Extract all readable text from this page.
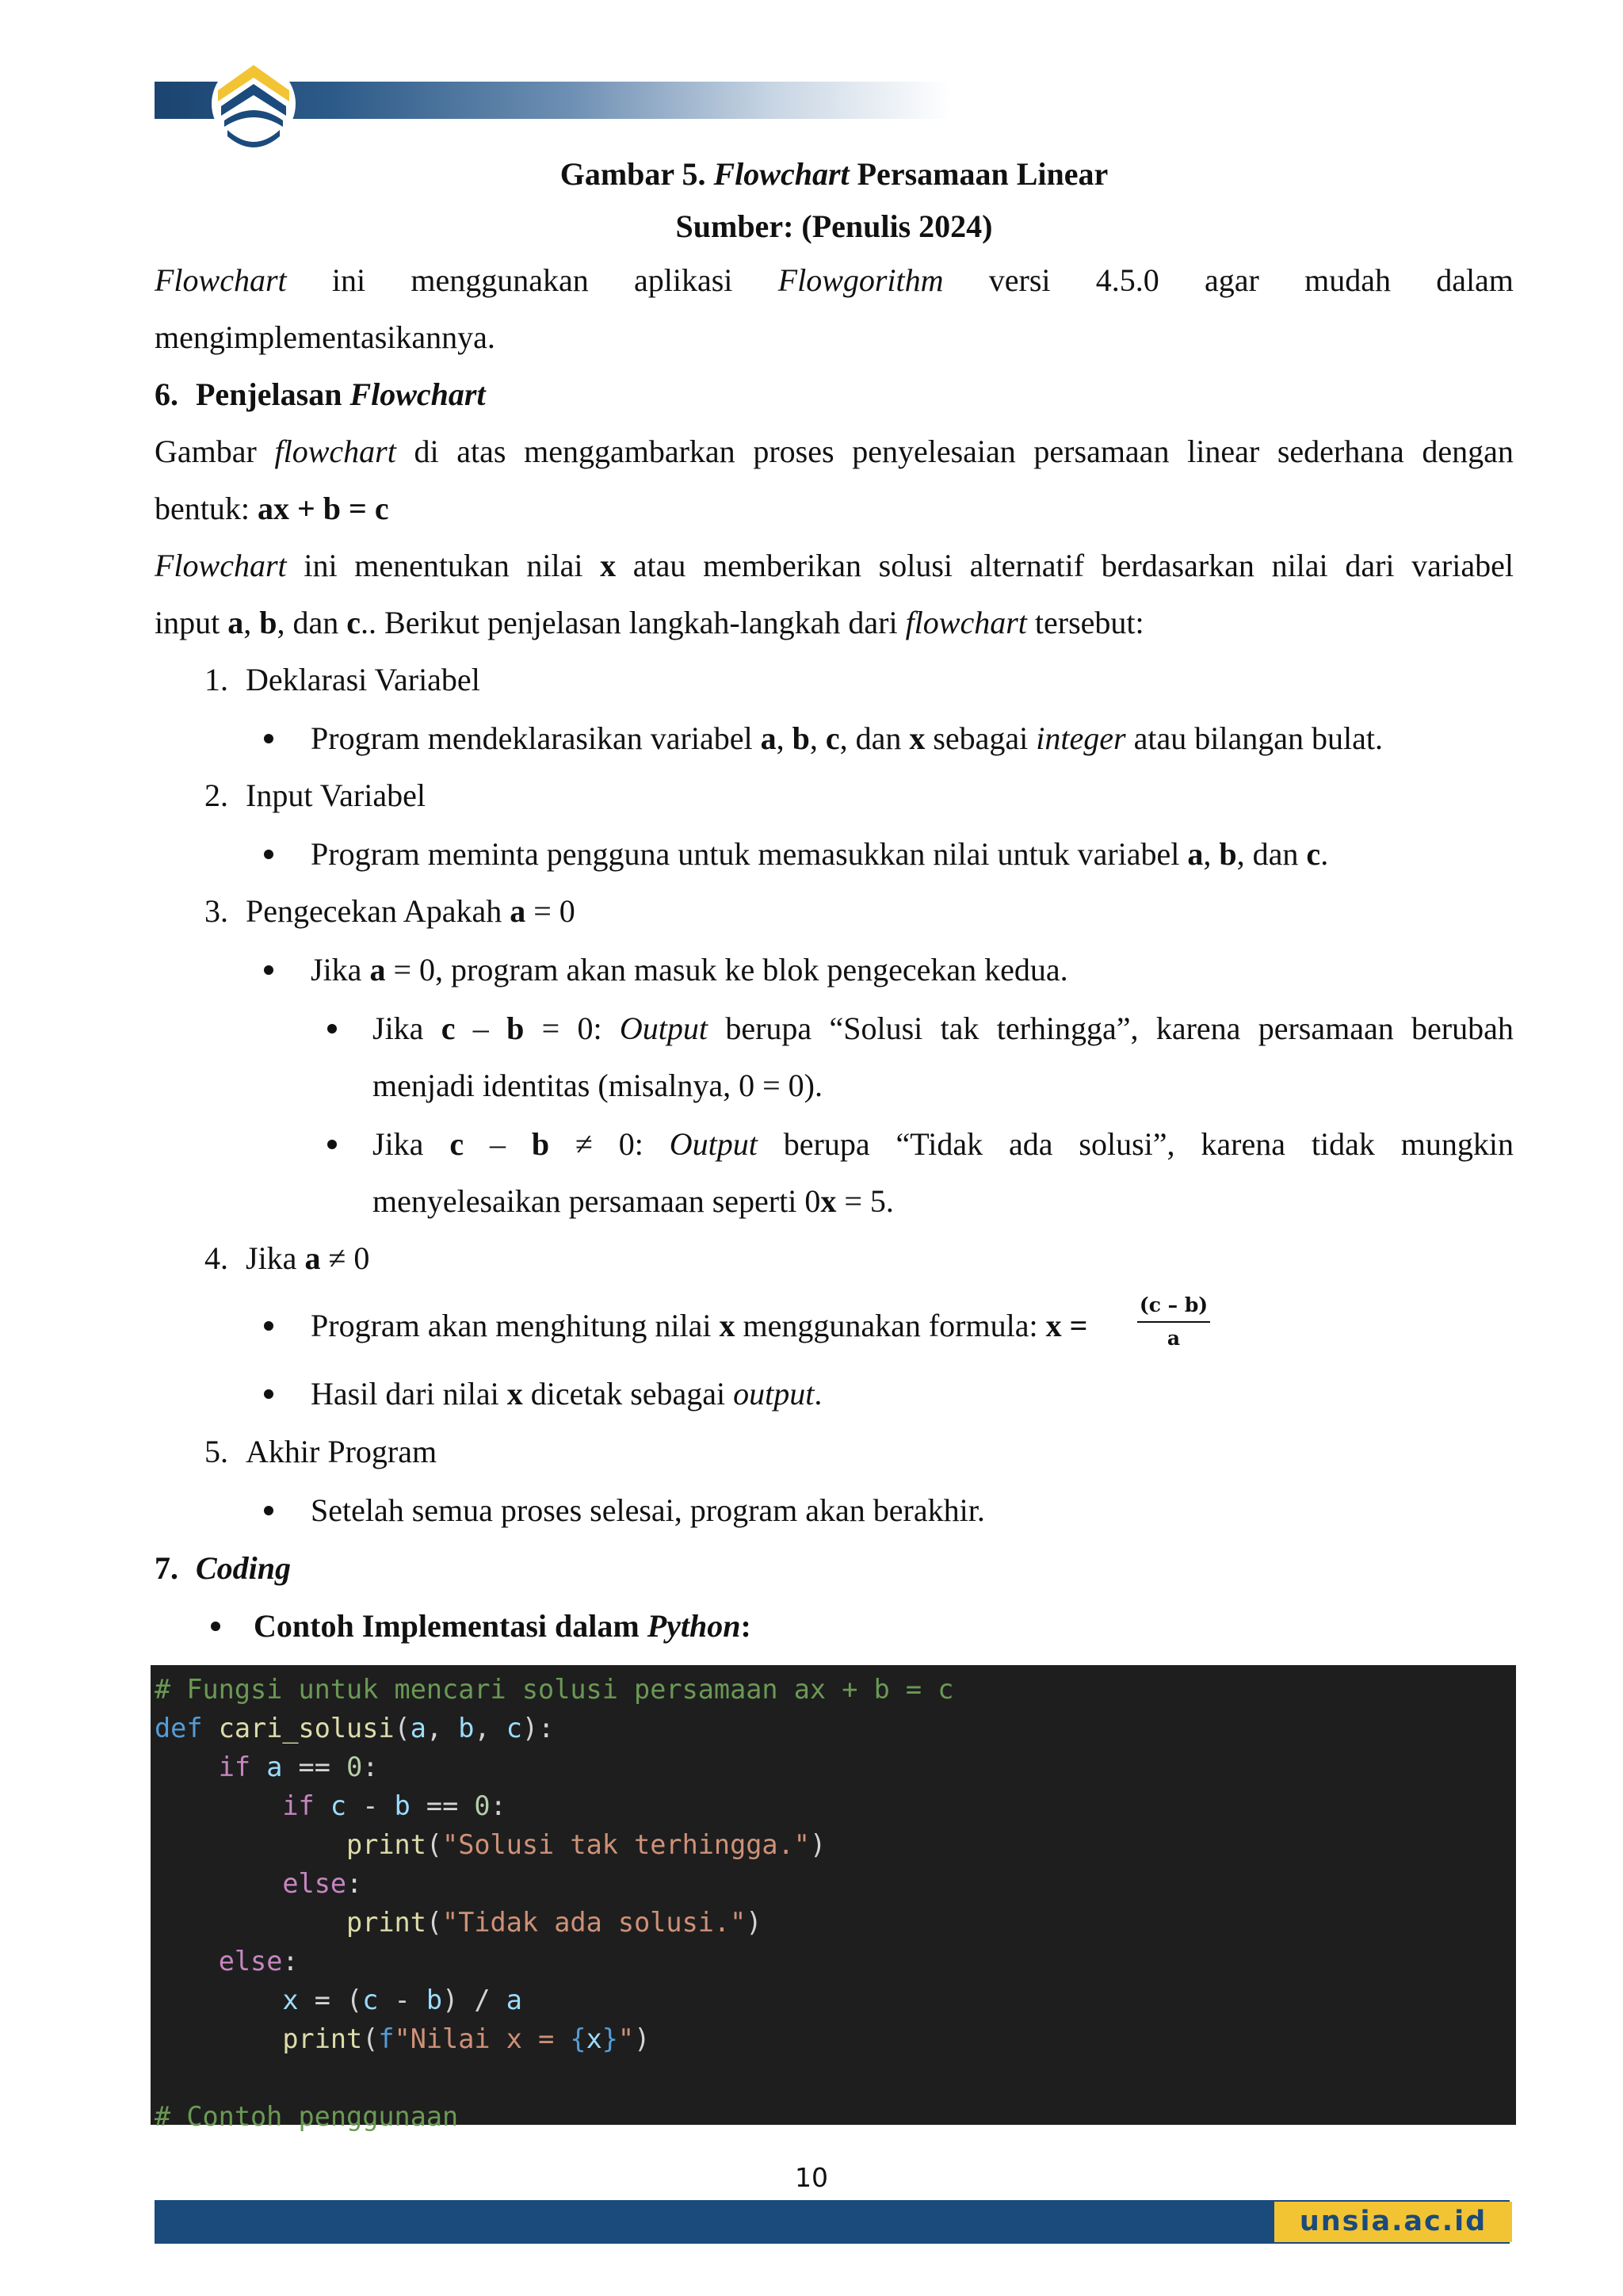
Gambar 5. Flowchart Persamaan Linear
Sumber: (Penulis 2024)
Flowchart ini menggunakan aplikasi Flowgorithm versi 4.5.0 agar mudah dalam
mengimplementasikannya.
6. Penjelasan Flowchart
Gambar flowchart di atas menggambarkan proses penyelesaian persamaan linear sederhana dengan
bentuk: ax + b = c
Flowchart ini menentukan nilai x atau memberikan solusi alternatif berdasarkan nilai dari variabel
input a, b, dan c.. Berikut penjelasan langkah-langkah dari flowchart tersebut:
1. Deklarasi Variabel
Program mendeklarasikan variabel a, b, c, dan x sebagai integer atau bilangan bulat.
2. Input Variabel
Program meminta pengguna untuk memasukkan nilai untuk variabel a, b, dan c.
3. Pengecekan Apakah a = 0
Jika a = 0, program akan masuk ke blok pengecekan kedua.
Jika c – b = 0: Output berupa “Solusi tak terhingga”, karena persamaan berubah
menjadi identitas (misalnya, 0 = 0).
Jika c – b ≠ 0: Output berupa “Tidak ada solusi”, karena tidak mungkin
menyelesaikan persamaan seperti 0x = 5.
4. Jika a ≠ 0
Program akan menghitung nilai x menggunakan formula: x =
(c – b)
a
Hasil dari nilai x dicetak sebagai output.
5. Akhir Program
Setelah semua proses selesai, program akan berakhir.
7. Coding
Contoh Implementasi dalam Python:
# Fungsi untuk mencari solusi persamaan ax + b = c
def cari_solusi(a, b, c):
if a == 0:
if c - b == 0:
print("Solusi tak terhingga.")
else:
print("Tidak ada solusi.")
else:
x = (c - b) / a
print(f"Nilai x = {x}")
# Contoh penggunaan
10
unsia.ac.id
